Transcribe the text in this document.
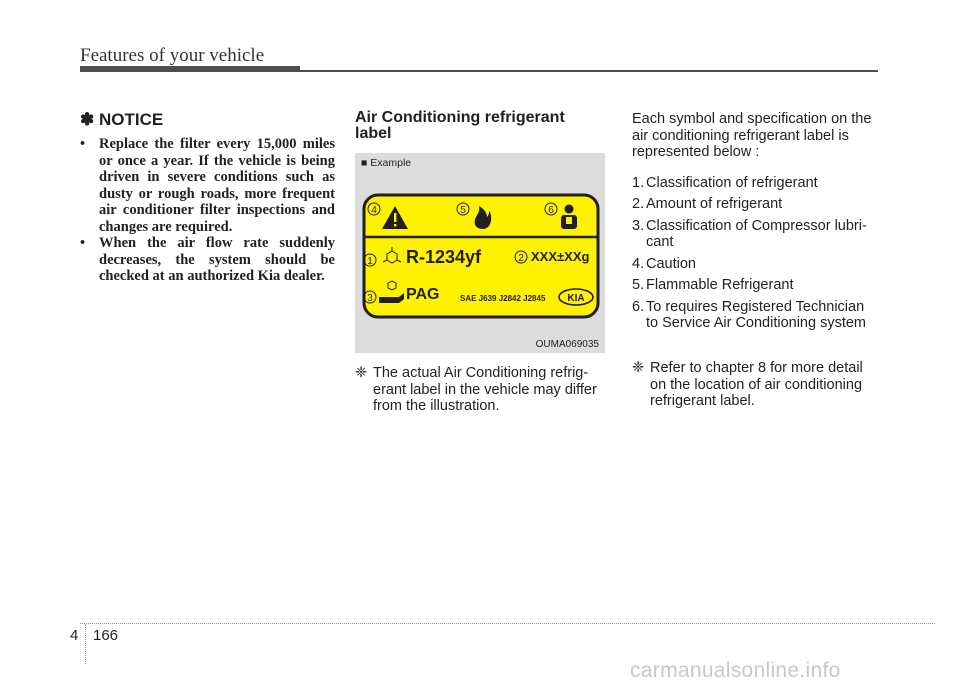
Features of your vehicle
✽ NOTICE
• Replace the filter every 15,000 miles or once a year. If the vehicle is being driven in severe conditions such as dusty or rough roads, more frequent air conditioner filter inspections and changes are required.
• When the air flow rate suddenly decreases, the system should be checked at an authorized Kia dealer.
Air Conditioning refrigerant label
■ Example
4	5	6
1	2
3
R-1234yf	XXX±XXg
PAG	SAE J639 J2842 J2845 KIA
OUMA069035
❈ The actual Air Conditioning refrig-erant label in the vehicle may differ from the illustration.

Each symbol and specification on the air conditioning refrigerant label is represented below :

1. Classification of refrigerant
2. Amount of refrigerant
3. Classification of Compressor lubri-cant
4. Caution
5. Flammable Refrigerant
6. To requires Registered Technician to Service Air Conditioning system
❈ Refer to chapter 8 for more detail on the location of air conditioning refrigerant label.
4 166
carmanualsonline.info
